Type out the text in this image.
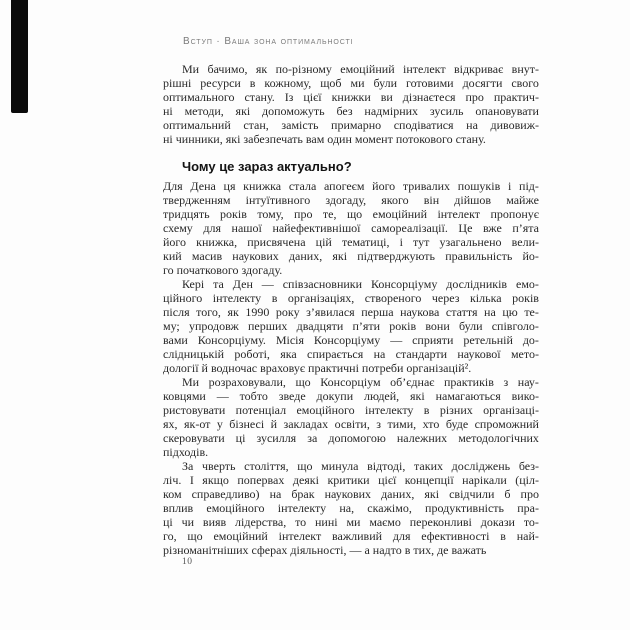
Вступ · Ваша зона оптимальності
Ми бачимо, як по-різному емоційний інтелект відкриває внут-
рішні ресурси в кожному, щоб ми були готовими досягти свого
оптимального стану. Із цієї книжки ви дізнаєтеся про практич-
ні методи, які допоможуть без надмірних зусиль опановувати
оптимальний стан, замість примарно сподіватися на дивовиж-
ні чинники, які забезпечать вам один момент потокового стану.
Чому це зараз актуально?
Для Дена ця книжка стала апогеєм його тривалих пошуків і під-
твердженням інтуїтивного здогаду, якого він дійшов майже
тридцять років тому, про те, що емоційний інтелект пропонує
схему для нашої найефективнішої самореалізації. Це вже п’ята
його книжка, присвячена цій тематиці, і тут узагальнено вели-
кий масив наукових даних, які підтверджують правильність йо-
го початкового здогаду.
Кері та Ден — співзасновники Консорціуму дослідників емо-
ційного інтелекту в організаціях, створеного через кілька років
після того, як 1990 року з’явилася перша наукова стаття на цю те-
му; упродовж перших двадцяти п’яти років вони були співголо-
вами Консорціуму. Місія Консорціуму — сприяти ретельній до-
слідницькій роботі, яка спирається на стандарти наукової мето-
дології й водночас враховує практичні потреби організацій².
Ми розраховували, що Консорціум об’єднає практиків з нау-
ковцями — тобто зведе докупи людей, які намагаються вико-
ристовувати потенціал емоційного інтелекту в різних організаці-
ях, як-от у бізнесі й закладах освіти, з тими, хто буде спроможний
скеровувати ці зусилля за допомогою належних методологічних
підходів.
За чверть століття, що минула відтоді, таких досліджень без-
ліч. І якщо попервах деякі критики цієї концепції нарікали (ціл-
ком справедливо) на брак наукових даних, які свідчили б про
вплив емоційного інтелекту на, скажімо, продуктивність пра-
ці чи вияв лідерства, то нині ми маємо переконливі докази то-
го, що емоційний інтелект важливий для ефективності в най-
різноманітніших сферах діяльності, — а надто в тих, де важать
10
